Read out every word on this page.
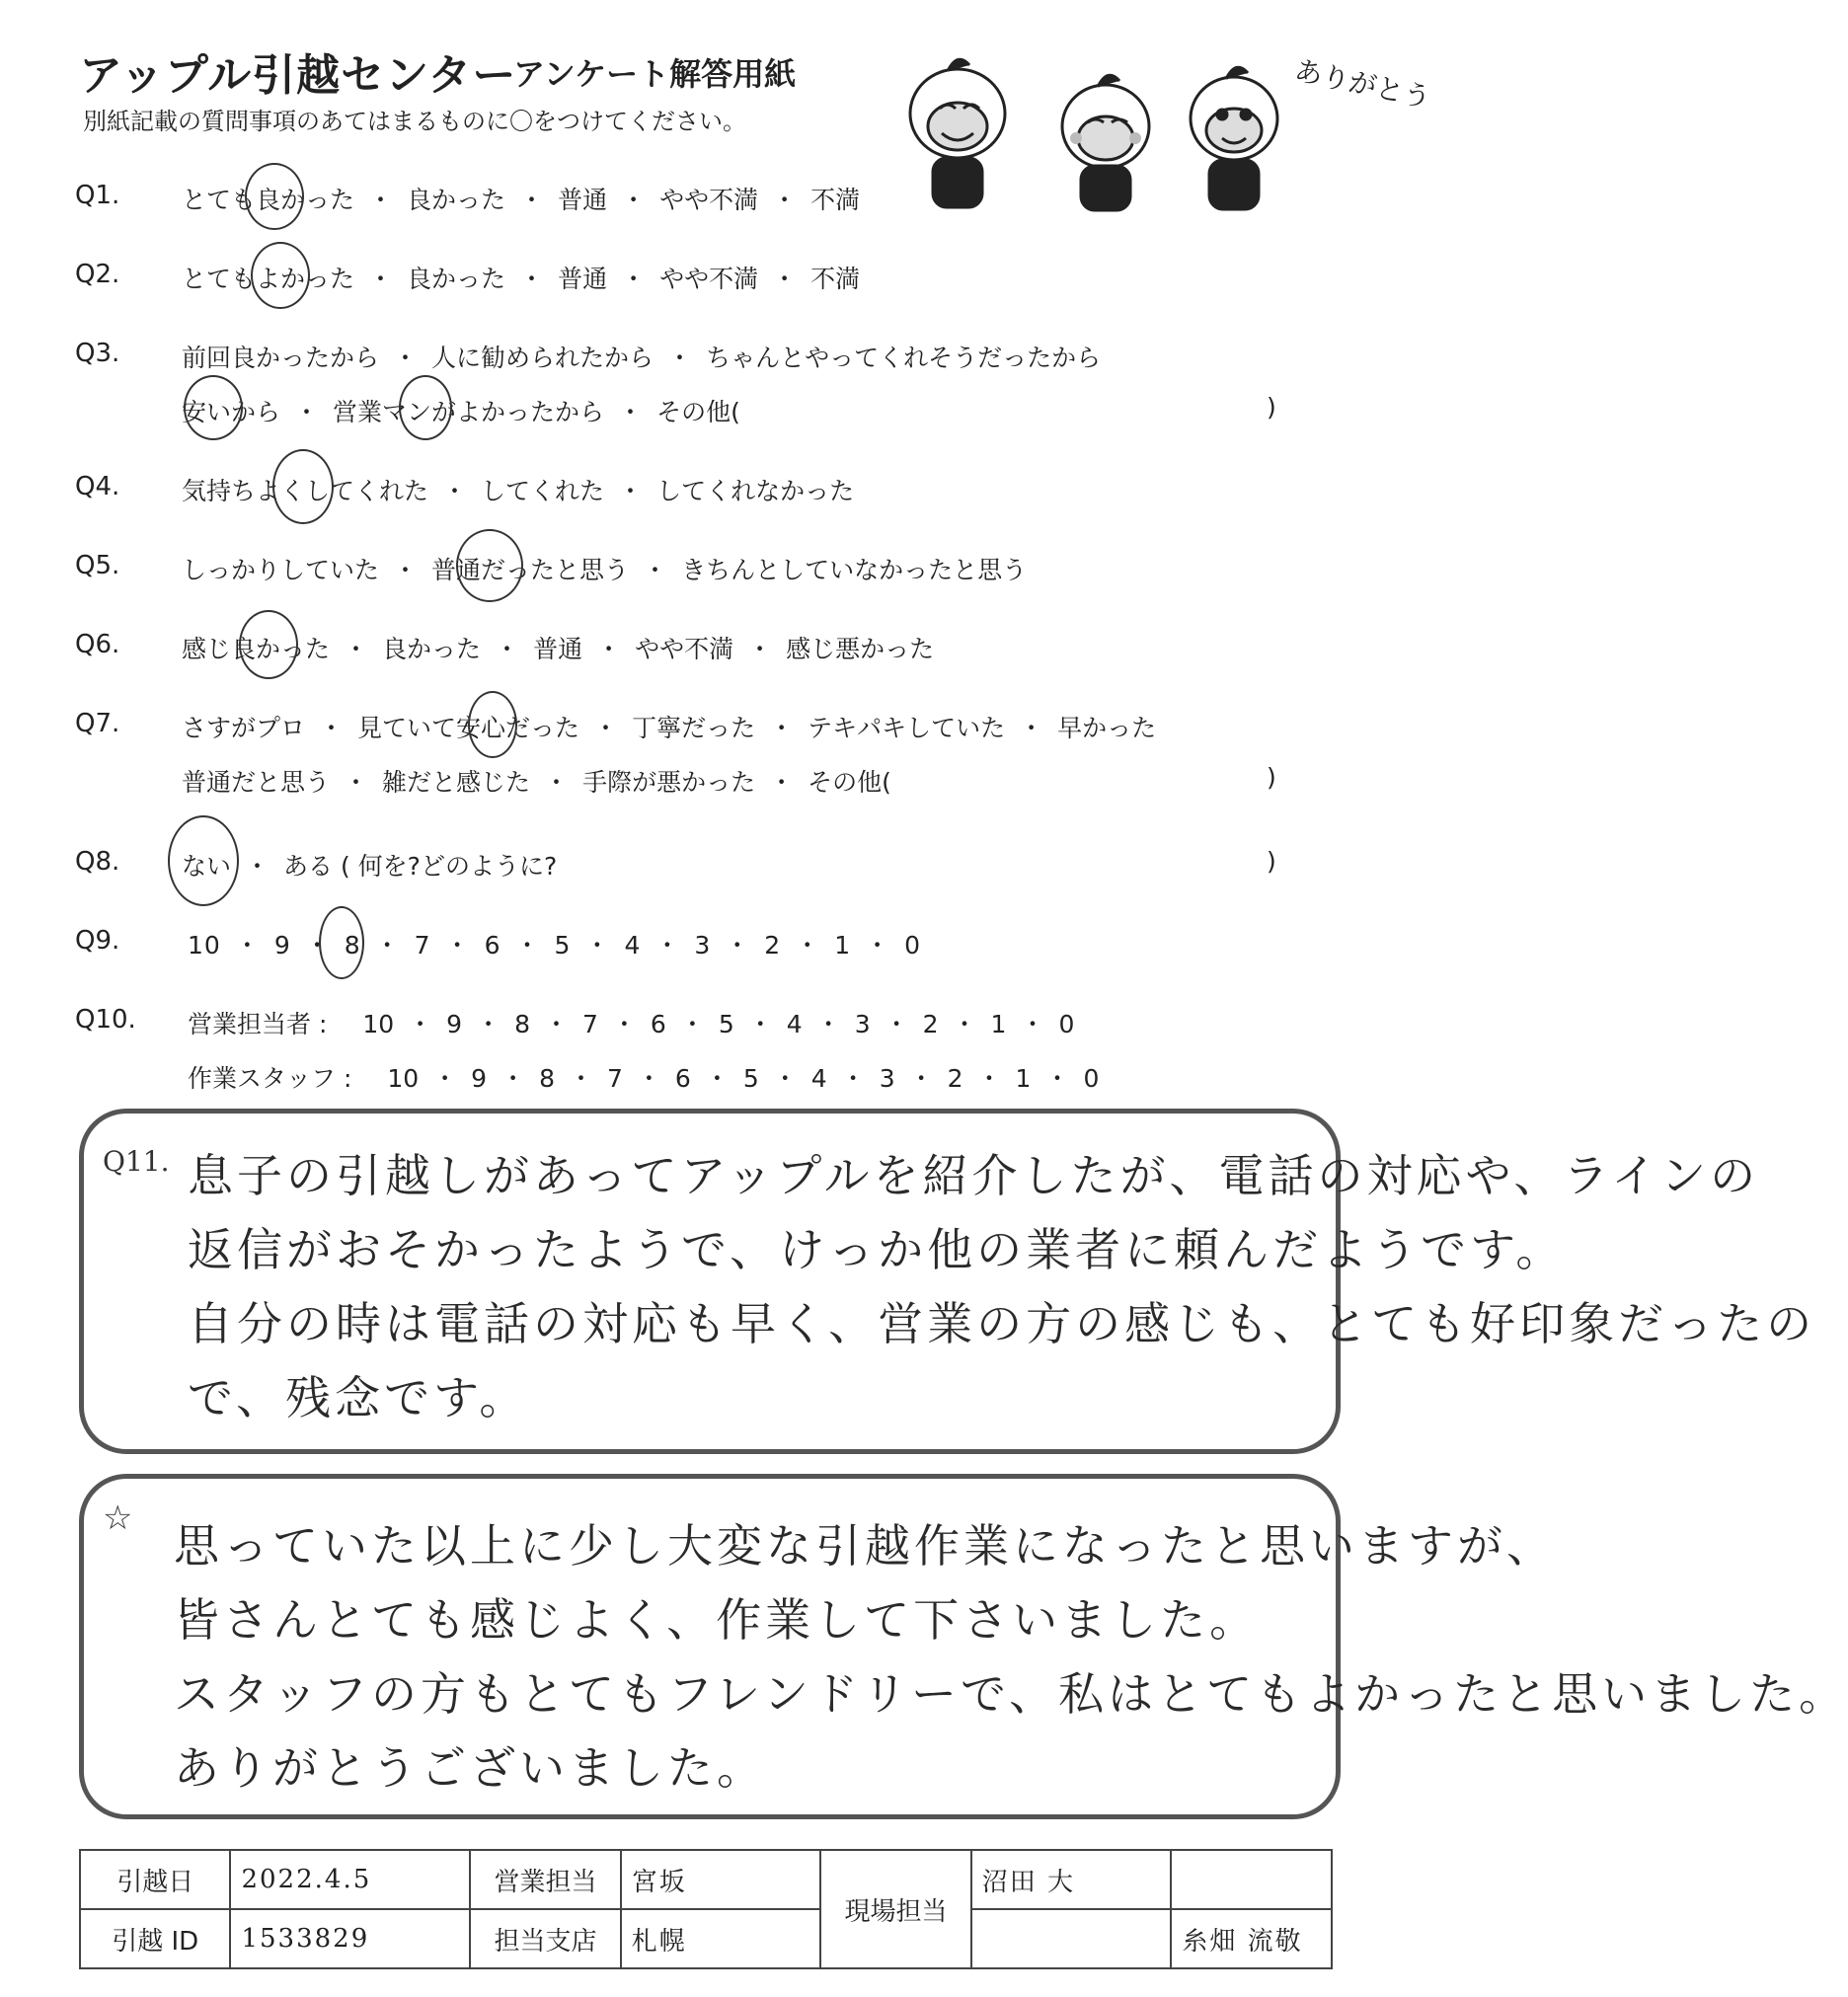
アップル引越センター
アンケート解答用紙
別紙記載の質問事項のあてはまるものに〇をつけてください。
ありがとう
Q1.	とても良かった ・ 良かった ・ 普通 ・ やや不満 ・ 不満
Q2.	とてもよかった ・ 良かった ・ 普通 ・ やや不満 ・ 不満
Q3.	前回良かったから ・ 人に勧められたから ・ ちゃんとやってくれそうだったから
安いから ・ 営業マンがよかったから ・ その他(	)
Q4.	気持ちよくしてくれた ・ してくれた ・ してくれなかった
Q5.	しっかりしていた ・ 普通だったと思う ・ きちんとしていなかったと思う
Q6.	感じ良かった ・ 良かった ・ 普通 ・ やや不満 ・ 感じ悪かった
Q7.	さすがプロ ・ 見ていて安心だった ・ 丁寧だった ・ テキパキしていた ・ 早かった
普通だと思う ・ 雑だと感じた ・ 手際が悪かった ・ その他(	)
Q8.	ない ・ ある ( 何を?どのように?	)
Q9.	10 ・ 9 ・ 8 ・ 7 ・ 6 ・ 5 ・ 4 ・ 3 ・ 2 ・ 1 ・ 0
Q10.	営業担当者 : 10 ・ 9 ・ 8 ・ 7 ・ 6 ・ 5 ・ 4 ・ 3 ・ 2 ・ 1 ・ 0
作業スタッフ : 10 ・ 9 ・ 8 ・ 7 ・ 6 ・ 5 ・ 4 ・ 3 ・ 2 ・ 1 ・ 0
Q11. 息子の引越しがあってアップルを紹介したが、電話の対応や、ラインの
返信がおそかったようで、けっか他の業者に頼んだようです。
自分の時は電話の対応も早く、営業の方の感じも、とても好印象だったの
で、残念です。
☆
思っていた以上に少し大変な引越作業になったと思いますが、
皆さんとても感じよく、作業して下さいました。
スタッフの方もとてもフレンドリーで、私はとてもよかったと思いました。
ありがとうございました。
引越日	2022.4.5	営業担当	宮坂	現場担当	沼田 大	
引越 ID	1533829	担当支店	札幌			糸畑 流敬
